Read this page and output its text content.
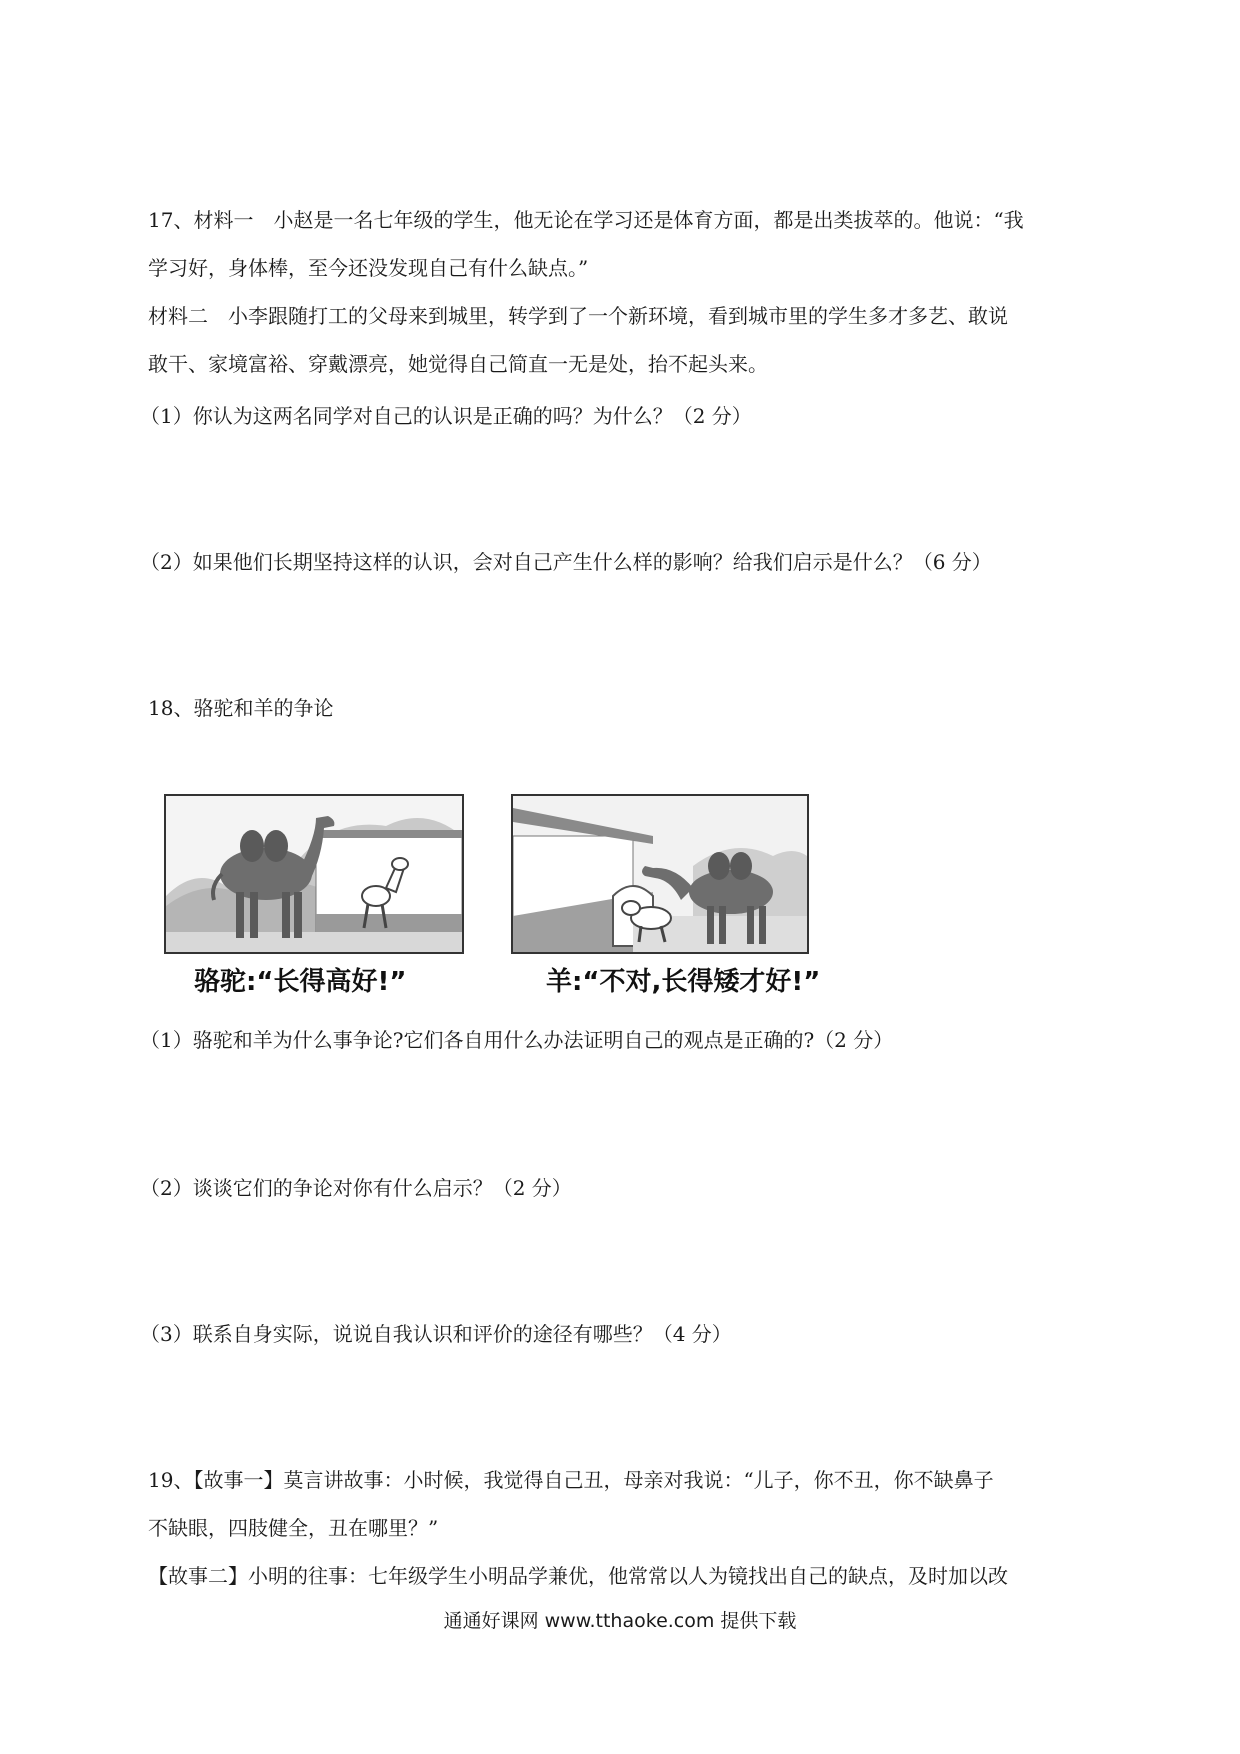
17、材料一　小赵是一名七年级的学生，他无论在学习还是体育方面，都是出类拔萃的。他说：“我
学习好，身体棒，至今还没发现自己有什么缺点。”
材料二　小李跟随打工的父母来到城里，转学到了一个新环境，看到城市里的学生多才多艺、敢说
敢干、家境富裕、穿戴漂亮，她觉得自己简直一无是处，抬不起头来。
（1）你认为这两名同学对自己的认识是正确的吗？为什么？（2 分）
（2）如果他们长期坚持这样的认识，会对自己产生什么样的影响？给我们启示是什么？（6 分）
18、骆驼和羊的争论
骆驼:“长得高好!”	羊:“不对,长得矮才好!”
（1）骆驼和羊为什么事争论?它们各自用什么办法证明自己的观点是正确的?（2 分）
（2）谈谈它们的争论对你有什么启示？（2 分）
（3）联系自身实际，说说自我认识和评价的途径有哪些？（4 分）
19、【故事一】莫言讲故事：小时候，我觉得自己丑，母亲对我说：“儿子，你不丑，你不缺鼻子
不缺眼，四肢健全，丑在哪里？”
【故事二】小明的往事：七年级学生小明品学兼优，他常常以人为镜找出自己的缺点，及时加以改
通通好课网 www.tthaoke.com 提供下载
